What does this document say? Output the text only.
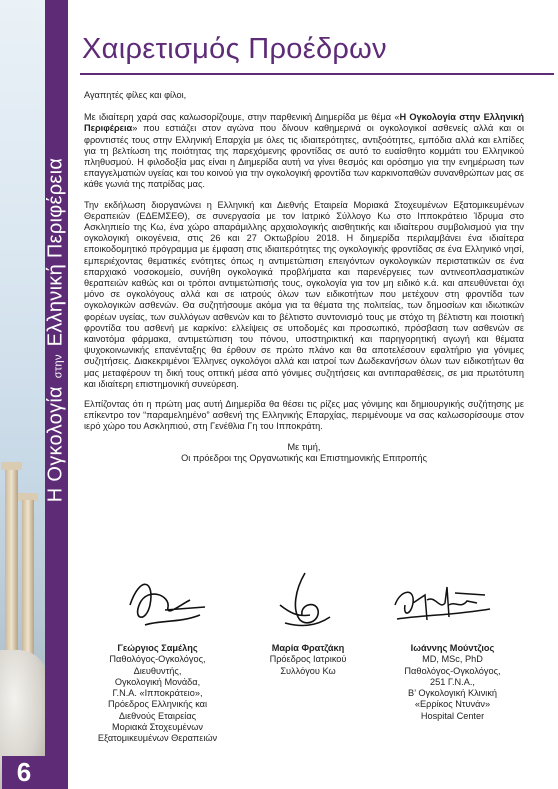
Η Ογκολογία στην Ελληνική Περιφέρεια
6
Χαιρετισμός Προέδρων

Αγαπητές φίλες και φίλοι,

Με ιδιαίτερη χαρά σας καλωσορίζουμε, στην παρθενική Διημερίδα με θέμα «Η Ογκολογία στην Ελληνική Περιφέρεια» που εστιάζει στον αγώνα που δίνουν καθημερινά οι ογκολογικοί ασθενείς αλλά και οι φροντιστές τους στην Ελληνική Επαρχία με όλες τις ιδιαιτερότητες, αντιξοότητες, εμπόδια αλλά και ελπίδες για τη βελτίωση της ποιότητας της παρεχόμενης φροντίδας σε αυτό το ευαίσθητο κομμάτι του Ελληνικού πληθυσμού. Η φιλοδοξία μας είναι η Διημερίδα αυτή να γίνει θεσμός και ορόσημο για την ενημέρωση των επαγγελματιών υγείας και του κοινού για την ογκολογική φροντίδα των καρκινοπαθών συνανθρώπων μας σε κάθε γωνιά της πατρίδας μας.

Την εκδήλωση διοργανώνει η Ελληνική και Διεθνής Εταιρεία Μοριακά Στοχευμένων Εξατομικευμένων Θεραπειών (ΕΔΕΜΣΕΘ), σε συνεργασία με τον Ιατρικό Σύλλογο Κω στο Ιπποκράτειο Ίδρυμα στο Ασκληπιείο της Κω, ένα χώρο απαράμιλλης αρχαιολογικής αισθητικής και ιδιαίτερου συμβολισμού για την ογκολογική οικογένεια, στις 26 και 27 Οκτωβρίου 2018. Η διημερίδα περιλαμβάνει ένα ιδιαίτερα εποικοδομητικό πρόγραμμα με έμφαση στις ιδιαιτερότητες της ογκολογικής φροντίδας σε ένα Ελληνικό νησί, εμπεριέχοντας θεματικές ενότητες όπως η αντιμετώπιση επειγόντων ογκολογικών περιστατικών σε ένα επαρχιακό νοσοκομείο, συνήθη ογκολογικά προβλήματα και παρενέργειες των αντινεοπλασματικών θεραπειών καθώς και οι τρόποι αντιμετώπισής τους, ογκολογία για τον μη ειδικό κ.ά. και απευθύνεται όχι μόνο σε ογκολόγους αλλά και σε ιατρούς όλων των ειδικοτήτων που μετέχουν στη φροντίδα των ογκολογικών ασθενών. Θα συζητήσουμε ακόμα για τα θέματα της πολιτείας, των δημοσίων και ιδιωτικών φορέων υγείας, των συλλόγων ασθενών και το βέλτιστο συντονισμό τους με στόχο τη βέλτιστη και ποιοτική φροντίδα του ασθενή με καρκίνο: ελλείψεις σε υποδομές και προσωπικό, πρόσβαση των ασθενών σε καινοτόμα φάρμακα, αντιμετώπιση του πόνου, υποστηρικτική και παρηγορητική αγωγή και θέματα ψυχοκοινωνικής επανένταξης θα έρθουν σε πρώτο πλάνο και θα αποτελέσουν εφαλτήριο για γόνιμες συζητήσεις. Διακεκριμένοι Έλληνες ογκολόγοι αλλά και ιατροί των Δωδεκανήσων όλων των ειδικοτήτων θα μας μεταφέρουν τη δική τους οπτική μέσα από γόνιμες συζητήσεις και αντιπαραθέσεις, σε μια πρωτότυπη και ιδιαίτερη επιστημονική συνεύρεση.

Ελπίζοντας ότι η πρώτη μας αυτή Διημερίδα θα θέσει τις ρίζες μας γόνιμης και δημιουργικής συζήτησης με επίκεντρο τον “παραμελημένο” ασθενή της Ελληνικής Επαρχίας, περιμένουμε να σας καλωσορίσουμε στον ιερό χώρο του Ασκληπιού, στη Γενέθλια Γη του Ιπποκράτη.

Με τιμή,
Οι πρόεδροι της Οργανωτικής και Επιστημονικής Επιτροπής
Γεώργιος Σαμέλης
Παθολόγος-Ογκολόγος,
Διευθυντής,
Ογκολογική Μονάδα,
Γ.Ν.Α. «Ιπποκράτειο»,
Πρόεδρος Ελληνικής και
Διεθνούς Εταιρείας
Μοριακά Στοχευμένων
Εξατομικευμένων Θεραπειών
Μαρία Φρατζάκη
Πρόεδρος Ιατρικού
Συλλόγου Κω
Ιωάννης Μούντζιος
MD, MSc, PhD
Παθολόγος-Ογκολόγος,
251 Γ.Ν.Α.,
Β’ Ογκολογική Κλινική
«Ερρίκος Ντυνάν»
Hospital Center
